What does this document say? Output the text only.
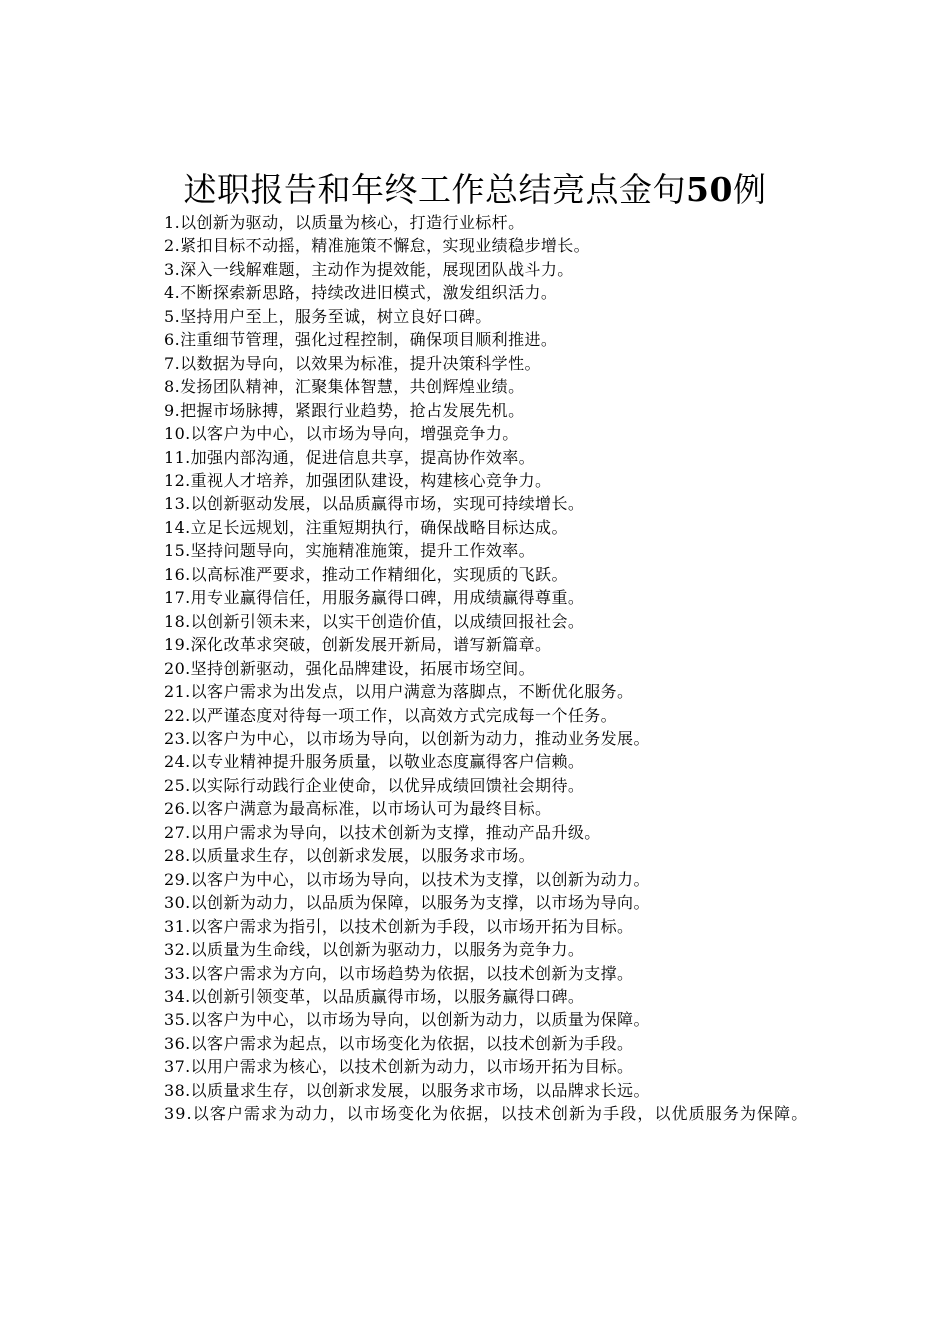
述职报告和年终工作总结亮点金句50例
1.以创新为驱动，以质量为核心，打造行业标杆。
2.紧扣目标不动摇，精准施策不懈怠，实现业绩稳步增长。
3.深入一线解难题，主动作为提效能，展现团队战斗力。
4.不断探索新思路，持续改进旧模式，激发组织活力。
5.坚持用户至上，服务至诚，树立良好口碑。
6.注重细节管理，强化过程控制，确保项目顺利推进。
7.以数据为导向，以效果为标准，提升决策科学性。
8.发扬团队精神，汇聚集体智慧，共创辉煌业绩。
9.把握市场脉搏，紧跟行业趋势，抢占发展先机。
10.以客户为中心，以市场为导向，增强竞争力。
11.加强内部沟通，促进信息共享，提高协作效率。
12.重视人才培养，加强团队建设，构建核心竞争力。
13.以创新驱动发展，以品质赢得市场，实现可持续增长。
14.立足长远规划，注重短期执行，确保战略目标达成。
15.坚持问题导向，实施精准施策，提升工作效率。
16.以高标准严要求，推动工作精细化，实现质的飞跃。
17.用专业赢得信任，用服务赢得口碑，用成绩赢得尊重。
18.以创新引领未来，以实干创造价值，以成绩回报社会。
19.深化改革求突破，创新发展开新局，谱写新篇章。
20.坚持创新驱动，强化品牌建设，拓展市场空间。
21.以客户需求为出发点，以用户满意为落脚点，不断优化服务。
22.以严谨态度对待每一项工作，以高效方式完成每一个任务。
23.以客户为中心，以市场为导向，以创新为动力，推动业务发展。
24.以专业精神提升服务质量，以敬业态度赢得客户信赖。
25.以实际行动践行企业使命，以优异成绩回馈社会期待。
26.以客户满意为最高标准，以市场认可为最终目标。
27.以用户需求为导向，以技术创新为支撑，推动产品升级。
28.以质量求生存，以创新求发展，以服务求市场。
29.以客户为中心，以市场为导向，以技术为支撑，以创新为动力。
30.以创新为动力，以品质为保障，以服务为支撑，以市场为导向。
31.以客户需求为指引，以技术创新为手段，以市场开拓为目标。
32.以质量为生命线，以创新为驱动力，以服务为竞争力。
33.以客户需求为方向，以市场趋势为依据，以技术创新为支撑。
34.以创新引领变革，以品质赢得市场，以服务赢得口碑。
35.以客户为中心，以市场为导向，以创新为动力，以质量为保障。
36.以客户需求为起点，以市场变化为依据，以技术创新为手段。
37.以用户需求为核心，以技术创新为动力，以市场开拓为目标。
38.以质量求生存，以创新求发展，以服务求市场，以品牌求长远。
39.以客户需求为动力，以市场变化为依据，以技术创新为手段，以优质服务为保障。
